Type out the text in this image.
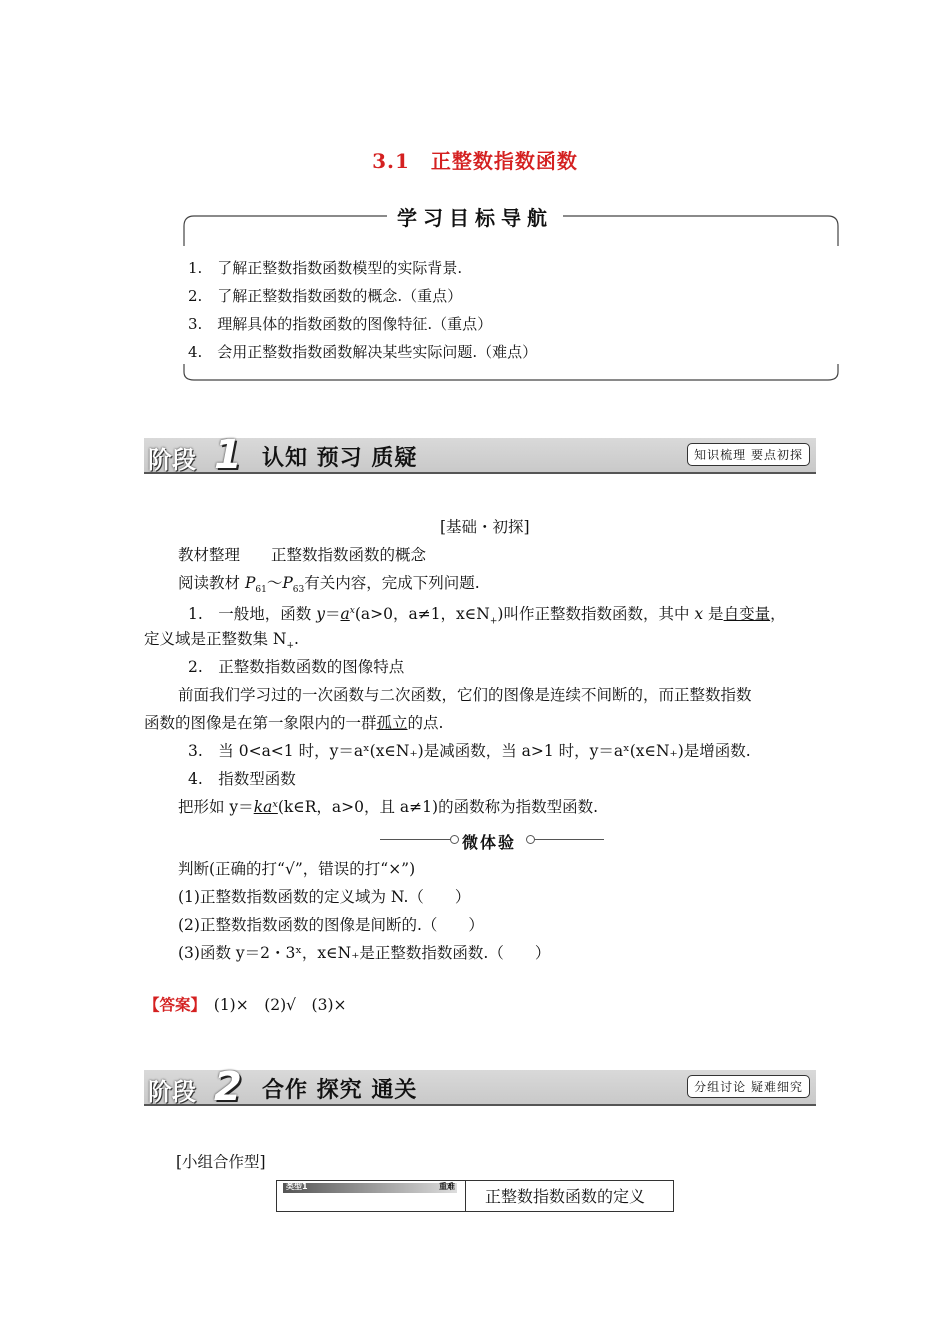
3.1　正整数指数函数
学习目标导航
1.　了解正整数指数函数模型的实际背景.
2.　了解正整数指数函数的概念.（重点）
3.　理解具体的指数函数的图像特征.（重点）
4.　会用正整数指数函数解决某些实际问题.（难点）
阶段 1 认知 预习 质疑	知识梳理 要点初探
[基础・初探]
教材整理　　正整数指数函数的概念
阅读教材 $P_{61}\sim P_{63}$有关内容，完成下列问题.
1.　一般地，函数 $y=a^x(a>0$，a≠1，$x\in N_+$)叫作正整数指数函数，其中 x 是自变量，
定义域是正整数集 $N_+$.
2.　正整数指数函数的图像特点
前面我们学习过的一次函数与二次函数，它们的图像是连续不间断的，而正整数指数
函数的图像是在第一象限内的一群孤立的点.
3.　当 0<a<1 时，y＝aˣ(x∈N₊)是减函数，当 a>1 时，y＝aˣ(x∈N₊)是增函数.
4.　指数型函数
把形如 y＝kaˣ(k∈R，a>0，且 a≠1)的函数称为指数型函数.
微体验
判断(正确的打“√”，错误的打“×”)
(1)正整数指数函数的定义域为 N.（　　）
(2)正整数指数函数的图像是间断的.（　　）
(3)函数 y＝2・3ˣ，x∈N₊是正整数指数函数.（　　）
【答案】　(1)×　(2)√　(3)×
阶段 2 合作 探究 通关	分组讨论 疑难细究
[小组合作型]
类型1	重难
正整数指数函数的定义
